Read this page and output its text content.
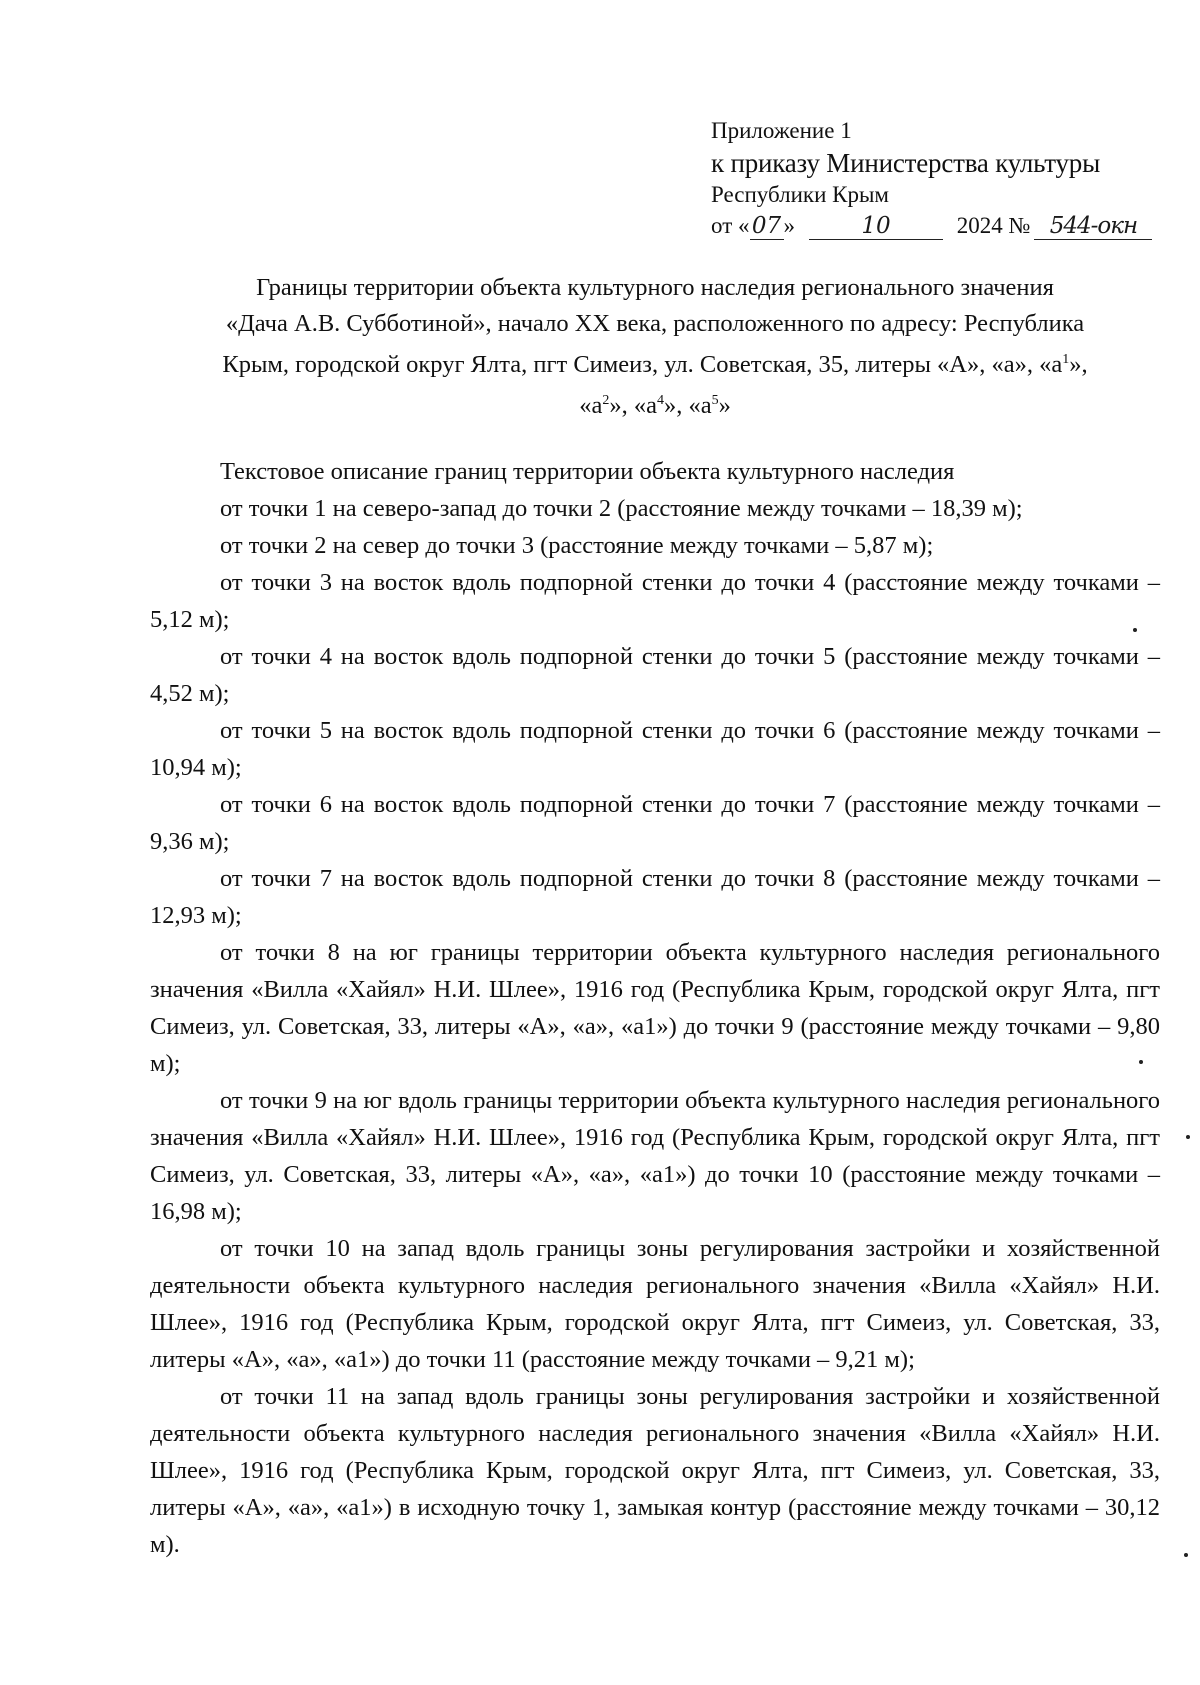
Приложение 1
к приказу Министерства культуры
Республики Крым
от « 07 »	10	2024 № 544-окн
Границы территории объекта культурного наследия регионального значения
«Дача А.В. Субботиной», начало XX века, расположенного по адресу: Республика
Крым, городской округ Ялта, пгт Симеиз, ул. Советская, 35, литеры «А», «а», «$а^1$»,
«$а^2$», «$а^4$», «$а^5$»
Текстовое описание границ территории объекта культурного наследия
от точки 1 на северо-запад до точки 2 (расстояние между точками – 18,39 м);
от точки 2 на север до точки 3 (расстояние между точками – 5,87 м);
от точки 3 на восток вдоль подпорной стенки до точки 4 (расстояние между точками – 5,12 м);
от точки 4 на восток вдоль подпорной стенки до точки 5 (расстояние между точками – 4,52 м);
от точки 5 на восток вдоль подпорной стенки до точки 6 (расстояние между точками – 10,94 м);
от точки 6 на восток вдоль подпорной стенки до точки 7 (расстояние между точками – 9,36 м);
от точки 7 на восток вдоль подпорной стенки до точки 8 (расстояние между точками – 12,93 м);
от точки 8 на юг границы территории объекта культурного наследия регионального значения «Вилла «Хайял» Н.И. Шлее», 1916 год (Республика Крым, городской округ Ялта, пгт Симеиз, ул. Советская, 33, литеры «А», «а», «а1») до точки 9 (расстояние между точками – 9,80 м);
от точки 9 на юг вдоль границы территории объекта культурного наследия регионального значения «Вилла «Хайял» Н.И. Шлее», 1916 год (Республика Крым, городской округ Ялта, пгт Симеиз, ул. Советская, 33, литеры «А», «а», «а1») до точки 10 (расстояние между точками – 16,98 м);
от точки 10 на запад вдоль границы зоны регулирования застройки и хозяйственной деятельности объекта культурного наследия регионального значения «Вилла «Хайял» Н.И. Шлее», 1916 год (Республика Крым, городской округ Ялта, пгт Симеиз, ул. Советская, 33, литеры «А», «а», «а1») до точки 11 (расстояние между точками – 9,21 м);
от точки 11 на запад вдоль границы зоны регулирования застройки и хозяйственной деятельности объекта культурного наследия регионального значения «Вилла «Хайял» Н.И. Шлее», 1916 год (Республика Крым, городской округ Ялта, пгт Симеиз, ул. Советская, 33, литеры «А», «а», «а1») в исходную точку 1, замыкая контур (расстояние между точками – 30,12 м).
